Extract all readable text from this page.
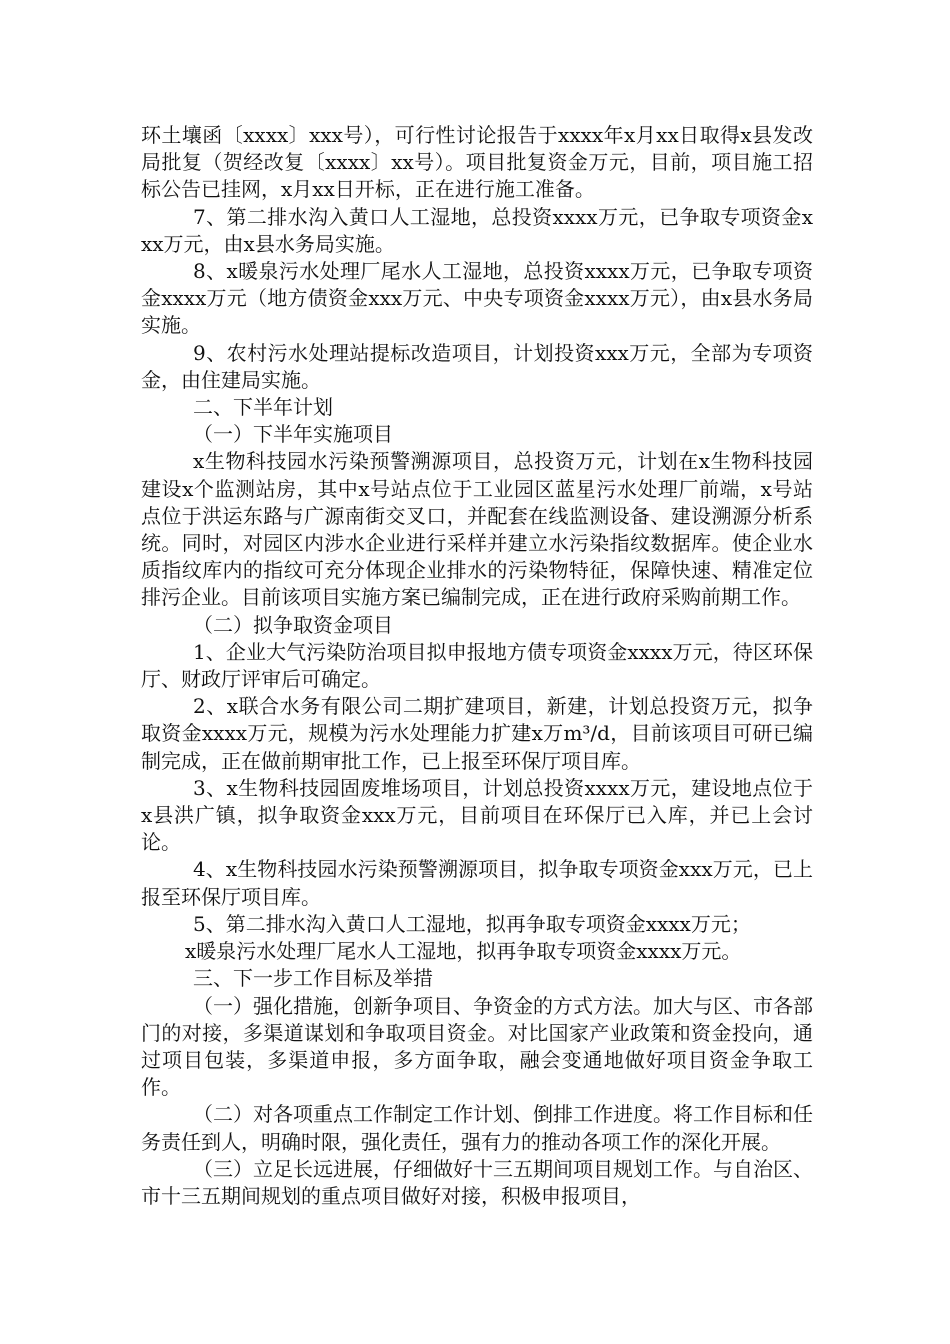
环土壤函〔xxxx〕xxx号），可行性讨论报告于xxxx年x月xx日取得x县发改局批复（贺经改复〔xxxx〕xx号）。项目批复资金万元，目前，项目施工招标公告已挂网，x月xx日开标，正在进行施工准备。

7、第二排水沟入黄口人工湿地，总投资xxxx万元，已争取专项资金xxx万元，由x县水务局实施。

8、x暖泉污水处理厂尾水人工湿地，总投资xxxx万元，已争取专项资金xxxx万元（地方债资金xxx万元、中央专项资金xxxx万元），由x县水务局实施。

9、农村污水处理站提标改造项目，计划投资xxx万元，全部为专项资金，由住建局实施。

二、下半年计划

（一）下半年实施项目

x生物科技园水污染预警溯源项目，总投资万元，计划在x生物科技园建设x个监测站房，其中x号站点位于工业园区蓝星污水处理厂前端，x号站点位于洪运东路与广源南街交叉口，并配套在线监测设备、建设溯源分析系统。同时，对园区内涉水企业进行采样并建立水污染指纹数据库。使企业水质指纹库内的指纹可充分体现企业排水的污染物特征，保障快速、精准定位排污企业。目前该项目实施方案已编制完成，正在进行政府采购前期工作。

（二）拟争取资金项目

1、企业大气污染防治项目拟申报地方债专项资金xxxx万元，待区环保厅、财政厅评审后可确定。

2、x联合水务有限公司二期扩建项目，新建，计划总投资万元，拟争取资金xxxx万元，规模为污水处理能力扩建x万m³/d，目前该项目可研已编制完成，正在做前期审批工作，已上报至环保厅项目库。

3、x生物科技园固废堆场项目，计划总投资xxxx万元，建设地点位于x县洪广镇，拟争取资金xxx万元，目前项目在环保厅已入库，并已上会讨论。

4、x生物科技园水污染预警溯源项目，拟争取专项资金xxx万元，已上报至环保厅项目库。

5、第二排水沟入黄口人工湿地，拟再争取专项资金xxxx万元；

x暖泉污水处理厂尾水人工湿地，拟再争取专项资金xxxx万元。

三、下一步工作目标及举措

（一）强化措施，创新争项目、争资金的方式方法。加大与区、市各部门的对接，多渠道谋划和争取项目资金。对比国家产业政策和资金投向，通过项目包装，多渠道申报，多方面争取，融会变通地做好项目资金争取工作。

（二）对各项重点工作制定工作计划、倒排工作进度。将工作目标和任务责任到人，明确时限，强化责任，强有力的推动各项工作的深化开展。

（三）立足长远进展，仔细做好十三五期间项目规划工作。与自治区、市十三五期间规划的重点项目做好对接，积极申报项目，
